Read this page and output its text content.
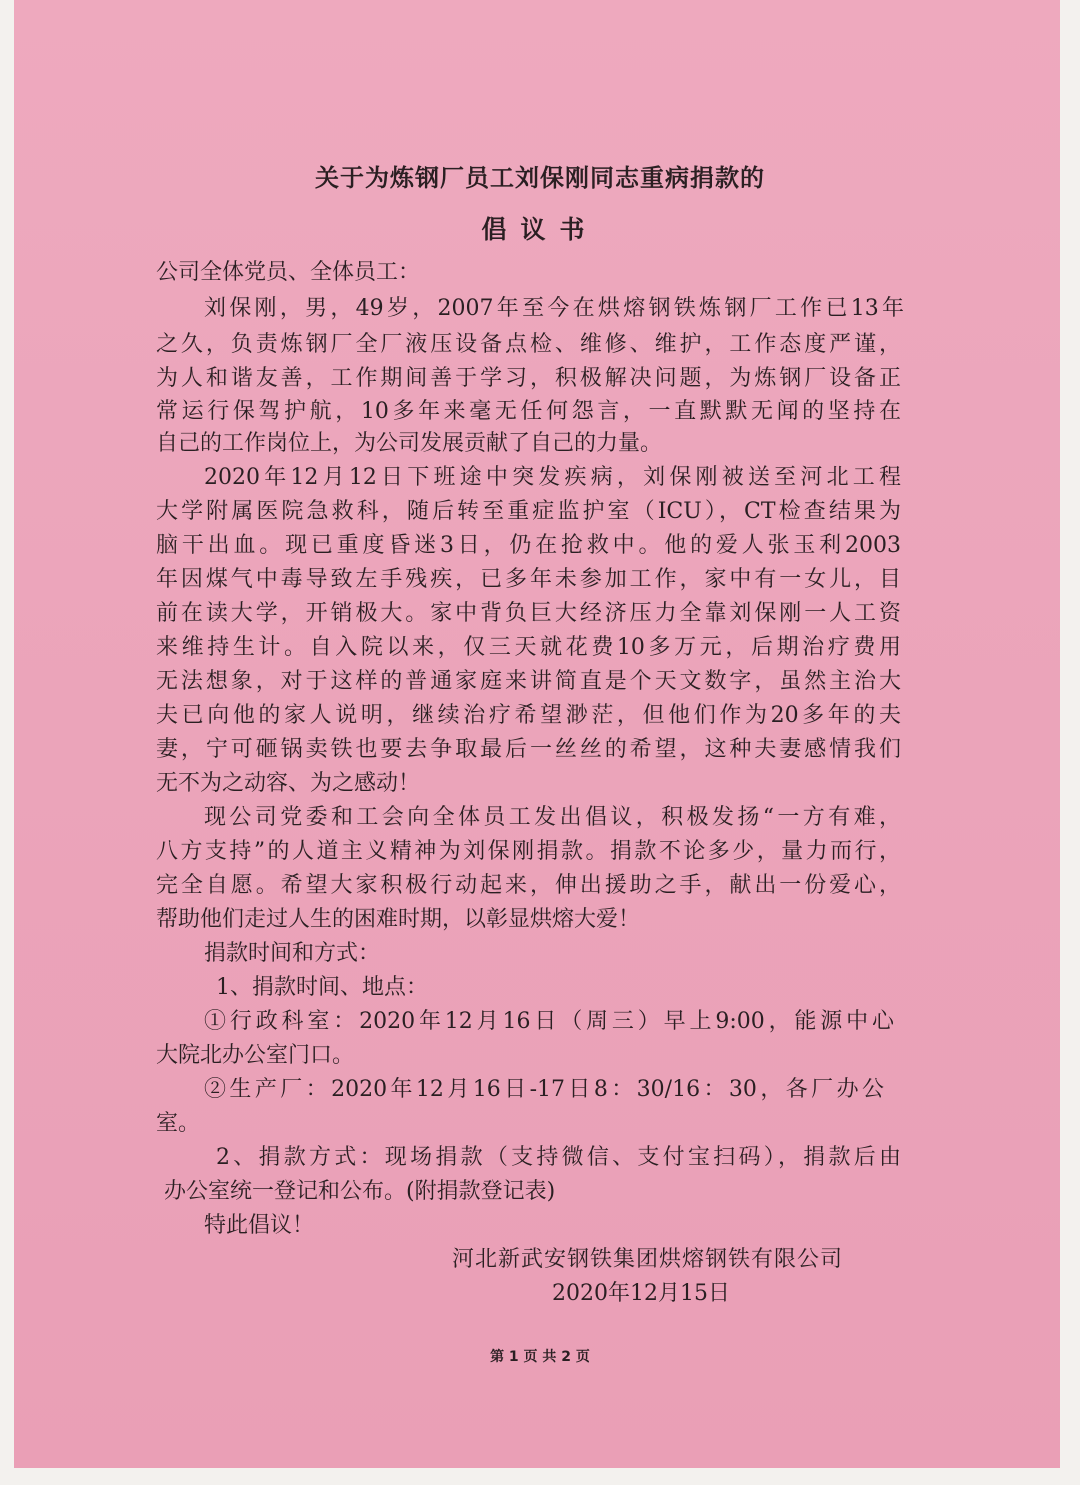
关于为炼钢厂员工刘保刚同志重病捐款的
倡议书
公司全体党员、全体员工：
刘保刚，男，49岁，2007年至今在烘熔钢铁炼钢厂工作已13年
之久，负责炼钢厂全厂液压设备点检、维修、维护，工作态度严谨，
为人和谐友善，工作期间善于学习，积极解决问题，为炼钢厂设备正
常运行保驾护航，10多年来毫无任何怨言，一直默默无闻的坚持在
自己的工作岗位上，为公司发展贡献了自己的力量。
2020年12月12日下班途中突发疾病，刘保刚被送至河北工程
大学附属医院急救科，随后转至重症监护室（ICU），CT检查结果为
脑干出血。现已重度昏迷3日，仍在抢救中。他的爱人张玉利2003
年因煤气中毒导致左手残疾，已多年未参加工作，家中有一女儿，目
前在读大学，开销极大。家中背负巨大经济压力全靠刘保刚一人工资
来维持生计。自入院以来，仅三天就花费10多万元，后期治疗费用
无法想象，对于这样的普通家庭来讲简直是个天文数字，虽然主治大
夫已向他的家人说明，继续治疗希望渺茫，但他们作为20多年的夫
妻，宁可砸锅卖铁也要去争取最后一丝丝的希望，这种夫妻感情我们
无不为之动容、为之感动！
现公司党委和工会向全体员工发出倡议，积极发扬“一方有难，
八方支持”的人道主义精神为刘保刚捐款。捐款不论多少，量力而行，
完全自愿。希望大家积极行动起来，伸出援助之手，献出一份爱心，
帮助他们走过人生的困难时期，以彰显烘熔大爱！
捐款时间和方式：
1、捐款时间、地点：
①行政科室：2020年12月16日（周三）早上9:00，能源中心
大院北办公室门口。
②生产厂：2020年12月16日-17日8：30/16：30，各厂办公
室。
2、捐款方式：现场捐款（支持微信、支付宝扫码），捐款后由
办公室统一登记和公布。(附捐款登记表)
特此倡议！
河北新武安钢铁集团烘熔钢铁有限公司
2020年12月15日
第 1 页 共 2 页
